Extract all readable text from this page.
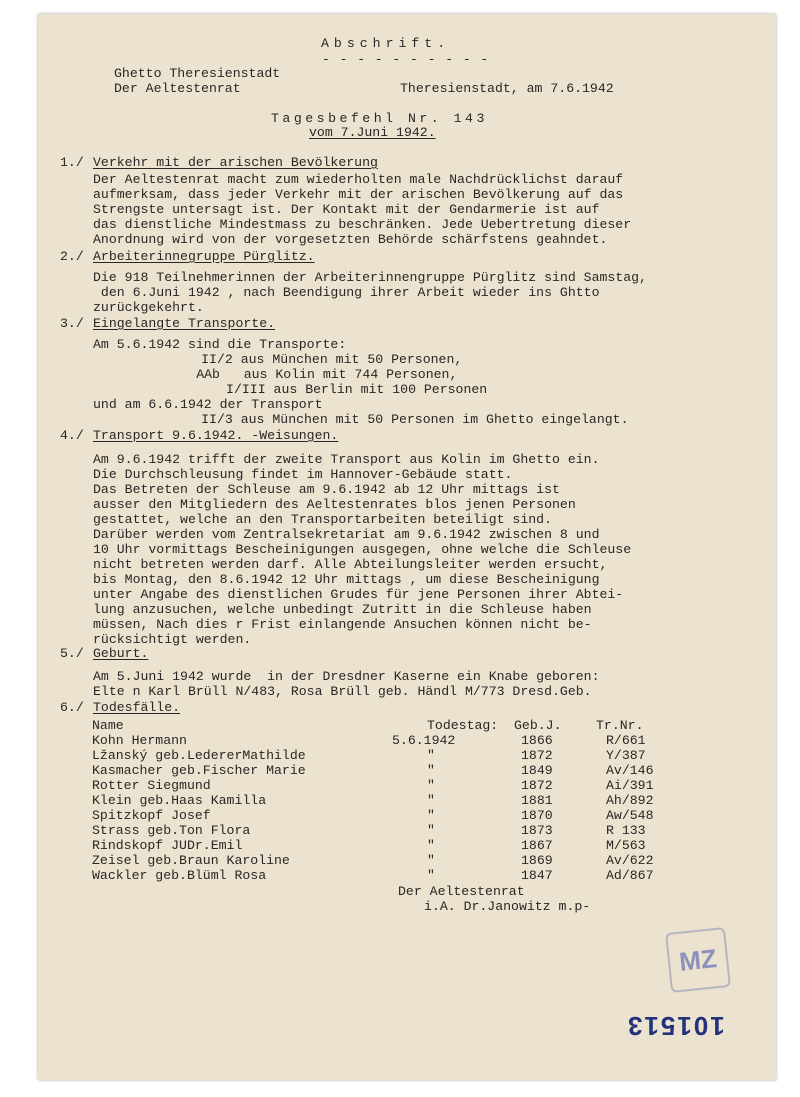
Abschrift.
- - - - - - - - - -
Ghetto Theresienstadt
Der Aeltestenrat	Theresienstadt, am 7.6.1942
Tagesbefehl Nr. 143
vom 7.Juni 1942.
1./ Verkehr mit der arischen Bevölkerung
Der Aeltestenrat macht zum wiederholten male Nachdrücklichst darauf
aufmerksam, dass jeder Verkehr mit der arischen Bevölkerung auf das
Strengste untersagt ist. Der Kontakt mit der Gendarmerie ist auf
das dienstliche Mindestmass zu beschränken. Jede Uebertretung dieser
Anordnung wird von der vorgesetzten Behörde schärfstens geahndet.
2./ Arbeiterinnegruppe Pürglitz.
Die 918 Teilnehmerinnen der Arbeiterinnengruppe Pürglitz sind Samstag,
den 6.Juni 1942 , nach Beendigung ihrer Arbeit wieder ins Ghtto
zurückgekehrt.
3./ Eingelangte Transporte.
Am 5.6.1942 sind die Transporte:
II/2 aus München mit 50 Personen,
AAb   aus Kolin mit 744 Personen,
I/III aus Berlin mit 100 Personen
und am 6.6.1942 der Transport
II/3 aus München mit 50 Personen im Ghetto eingelangt.
4./ Transport 9.6.1942. -Weisungen.
Am 9.6.1942 trifft der zweite Transport aus Kolin im Ghetto ein.
Die Durchschleusung findet im Hannover-Gebäude statt.
Das Betreten der Schleuse am 9.6.1942 ab 12 Uhr mittags ist
ausser den Mitgliedern des Aeltestenrates blos jenen Personen
gestattet, welche an den Transportarbeiten beteiligt sind.
Darüber werden vom Zentralsekretariat am 9.6.1942 zwischen 8 und
10 Uhr vormittags Bescheinigungen ausgegen, ohne welche die Schleuse
nicht betreten werden darf. Alle Abteilungsleiter werden ersucht,
bis Montag, den 8.6.1942 12 Uhr mittags , um diese Bescheinigung
unter Angabe des dienstlichen Grudes für jene Personen ihrer Abtei-
lung anzusuchen, welche unbedingt Zutritt in die Schleuse haben
müssen, Nach dies r Frist einlangende Ansuchen können nicht be-
rücksichtigt werden.
5./ Geburt.
Am 5.Juni 1942 wurde  in der Dresdner Kaserne ein Knabe geboren:
Elte n Karl Brüll N/483, Rosa Brüll geb. Händl M/773 Dresd.Geb.
6./ Todesfälle.
Name	Todestag: Geb.J.	Tr.Nr.
Kohn Hermann	5.6.1942	1866	R/661
Lžanský geb.LedererMathilde	"	1872	Y/387
Kasmacher geb.Fischer Marie	"	1849	Av/146
Rotter Siegmund	"	1872	Ai/391
Klein geb.Haas Kamilla	"	1881	Ah/892
Spitzkopf Josef	"	1870	Aw/548
Strass geb.Ton Flora	"	1873	R 133
Rindskopf JUDr.Emil	"	1867	M/563
Zeisel geb.Braun Karoline	"	1869	Av/622
Wackler geb.Blüml Rosa	"	1847	Ad/867
Der Aeltestenrat
i.A. Dr.Janowitz m.p-
MZ
101513
